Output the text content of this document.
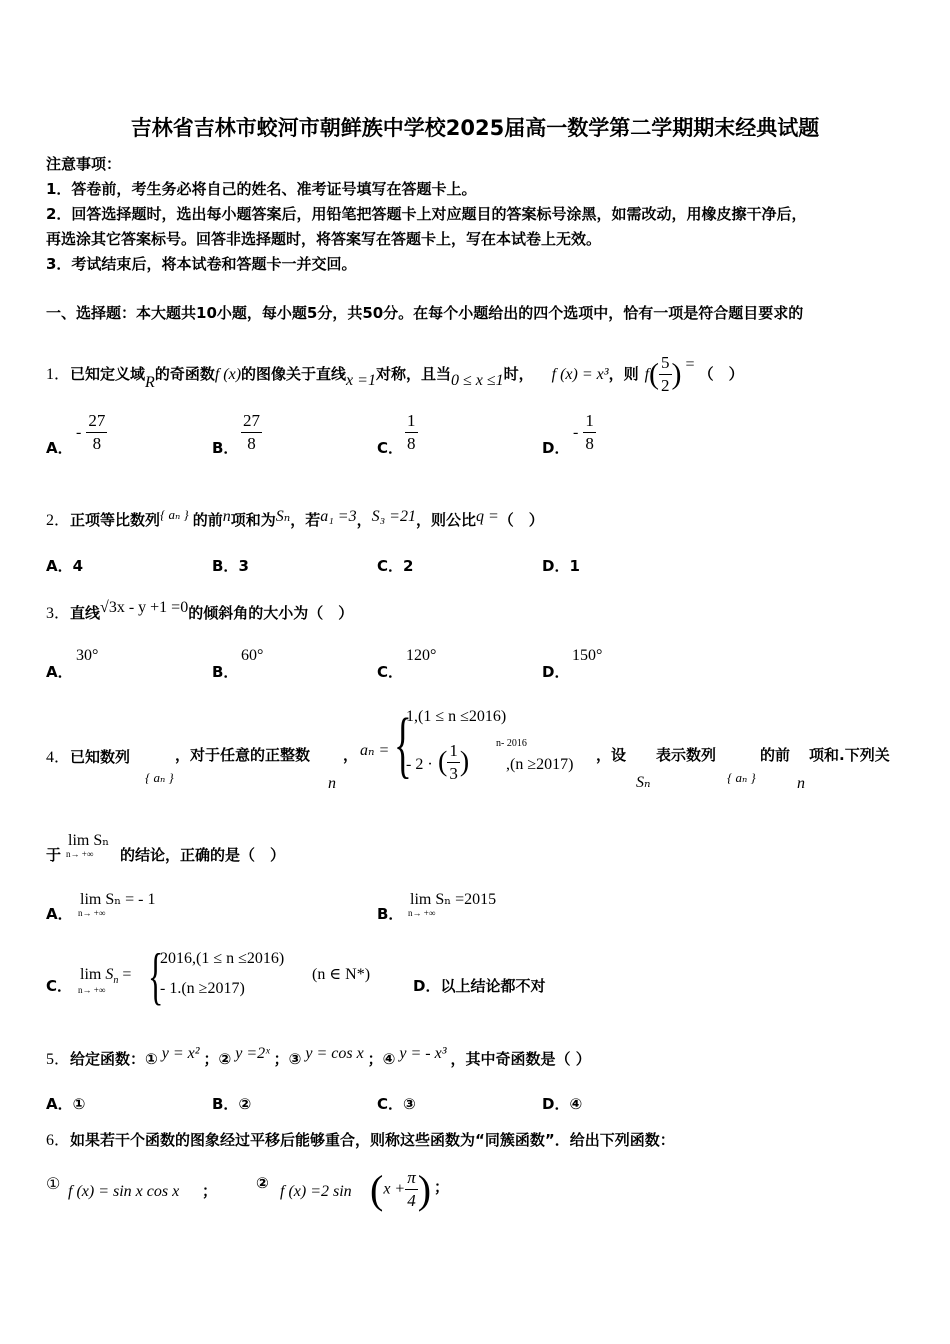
吉林省吉林市蛟河市朝鲜族中学校2025届高一数学第二学期期末经典试题
注意事项：
1．答卷前，考生务必将自己的姓名、准考证号填写在答题卡上。
2．回答选择题时，选出每小题答案后，用铅笔把答题卡上对应题目的答案标号涂黑，如需改动，用橡皮擦干净后，
再选涂其它答案标号。回答非选择题时，将答案写在答题卡上，写在本试卷上无效。
3．考试结束后，将本试卷和答题卡一并交回。
一、选择题：本大题共10小题，每小题5分，共50分。在每个小题给出的四个选项中，恰有一项是符合题目要求的
1．已知定义域R的奇函数f (x)的图像关于直线x =1对称，且当0 ≤ x ≤1时， f (x) = x³，则 $f( \frac{5}{2}$ ) =（　）
A．
- $\frac{27}{8}$	B． $\frac{27}{8}$	C． $\frac{1}{8}$	D．
- $\frac{1}{8}$
2．正项等比数列{ aₙ } 的前n项和为Sₙ，若a₁ =3，S₃ =21，则公比q =（　）
A．4	B．3	C．2	D．1
3．直线√3x - y +1 =0的倾斜角的大小为（　）
A．
30°
B．
60°
C．
120°
D．
150°
4．已知数列	，对于任意的正整数 ，
{ aₙ }	n
aₙ = {
1,(1 ≤ n ≤2016)
- 2 · ( $\frac{1}{3}$ )
n- 2016
,(n ≥2017)
，设
Sₙ
表示数列
{ aₙ }
的前
n
项和.下列关
于
lim Sₙ
n→ +∞ 的结论，正确的是（　）
A．
lim Sₙ = - 1
n→ +∞	B．
lim Sₙ =2015
n→ +∞
C．
$\lim S_n$ =
n→ +∞ {
2016,(1 ≤ n ≤2016)
- 1.(n ≥2017)
(n ∈ N*)
D．以上结论都不对
5．给定函数：① y = x² ；② y =2ˣ ；③ y = cos x ；④ y = - x³ ，其中奇函数是（ ）
A．①	B．②	C．③	D．④
6．如果若干个函数的图象经过平移后能够重合，则称这些函数为“同簇函数”．给出下列函数：
① f (x) = sin x cos x ；	② f (x) =2 $\sin (x + \frac{\pi}{4}$ ) ；
